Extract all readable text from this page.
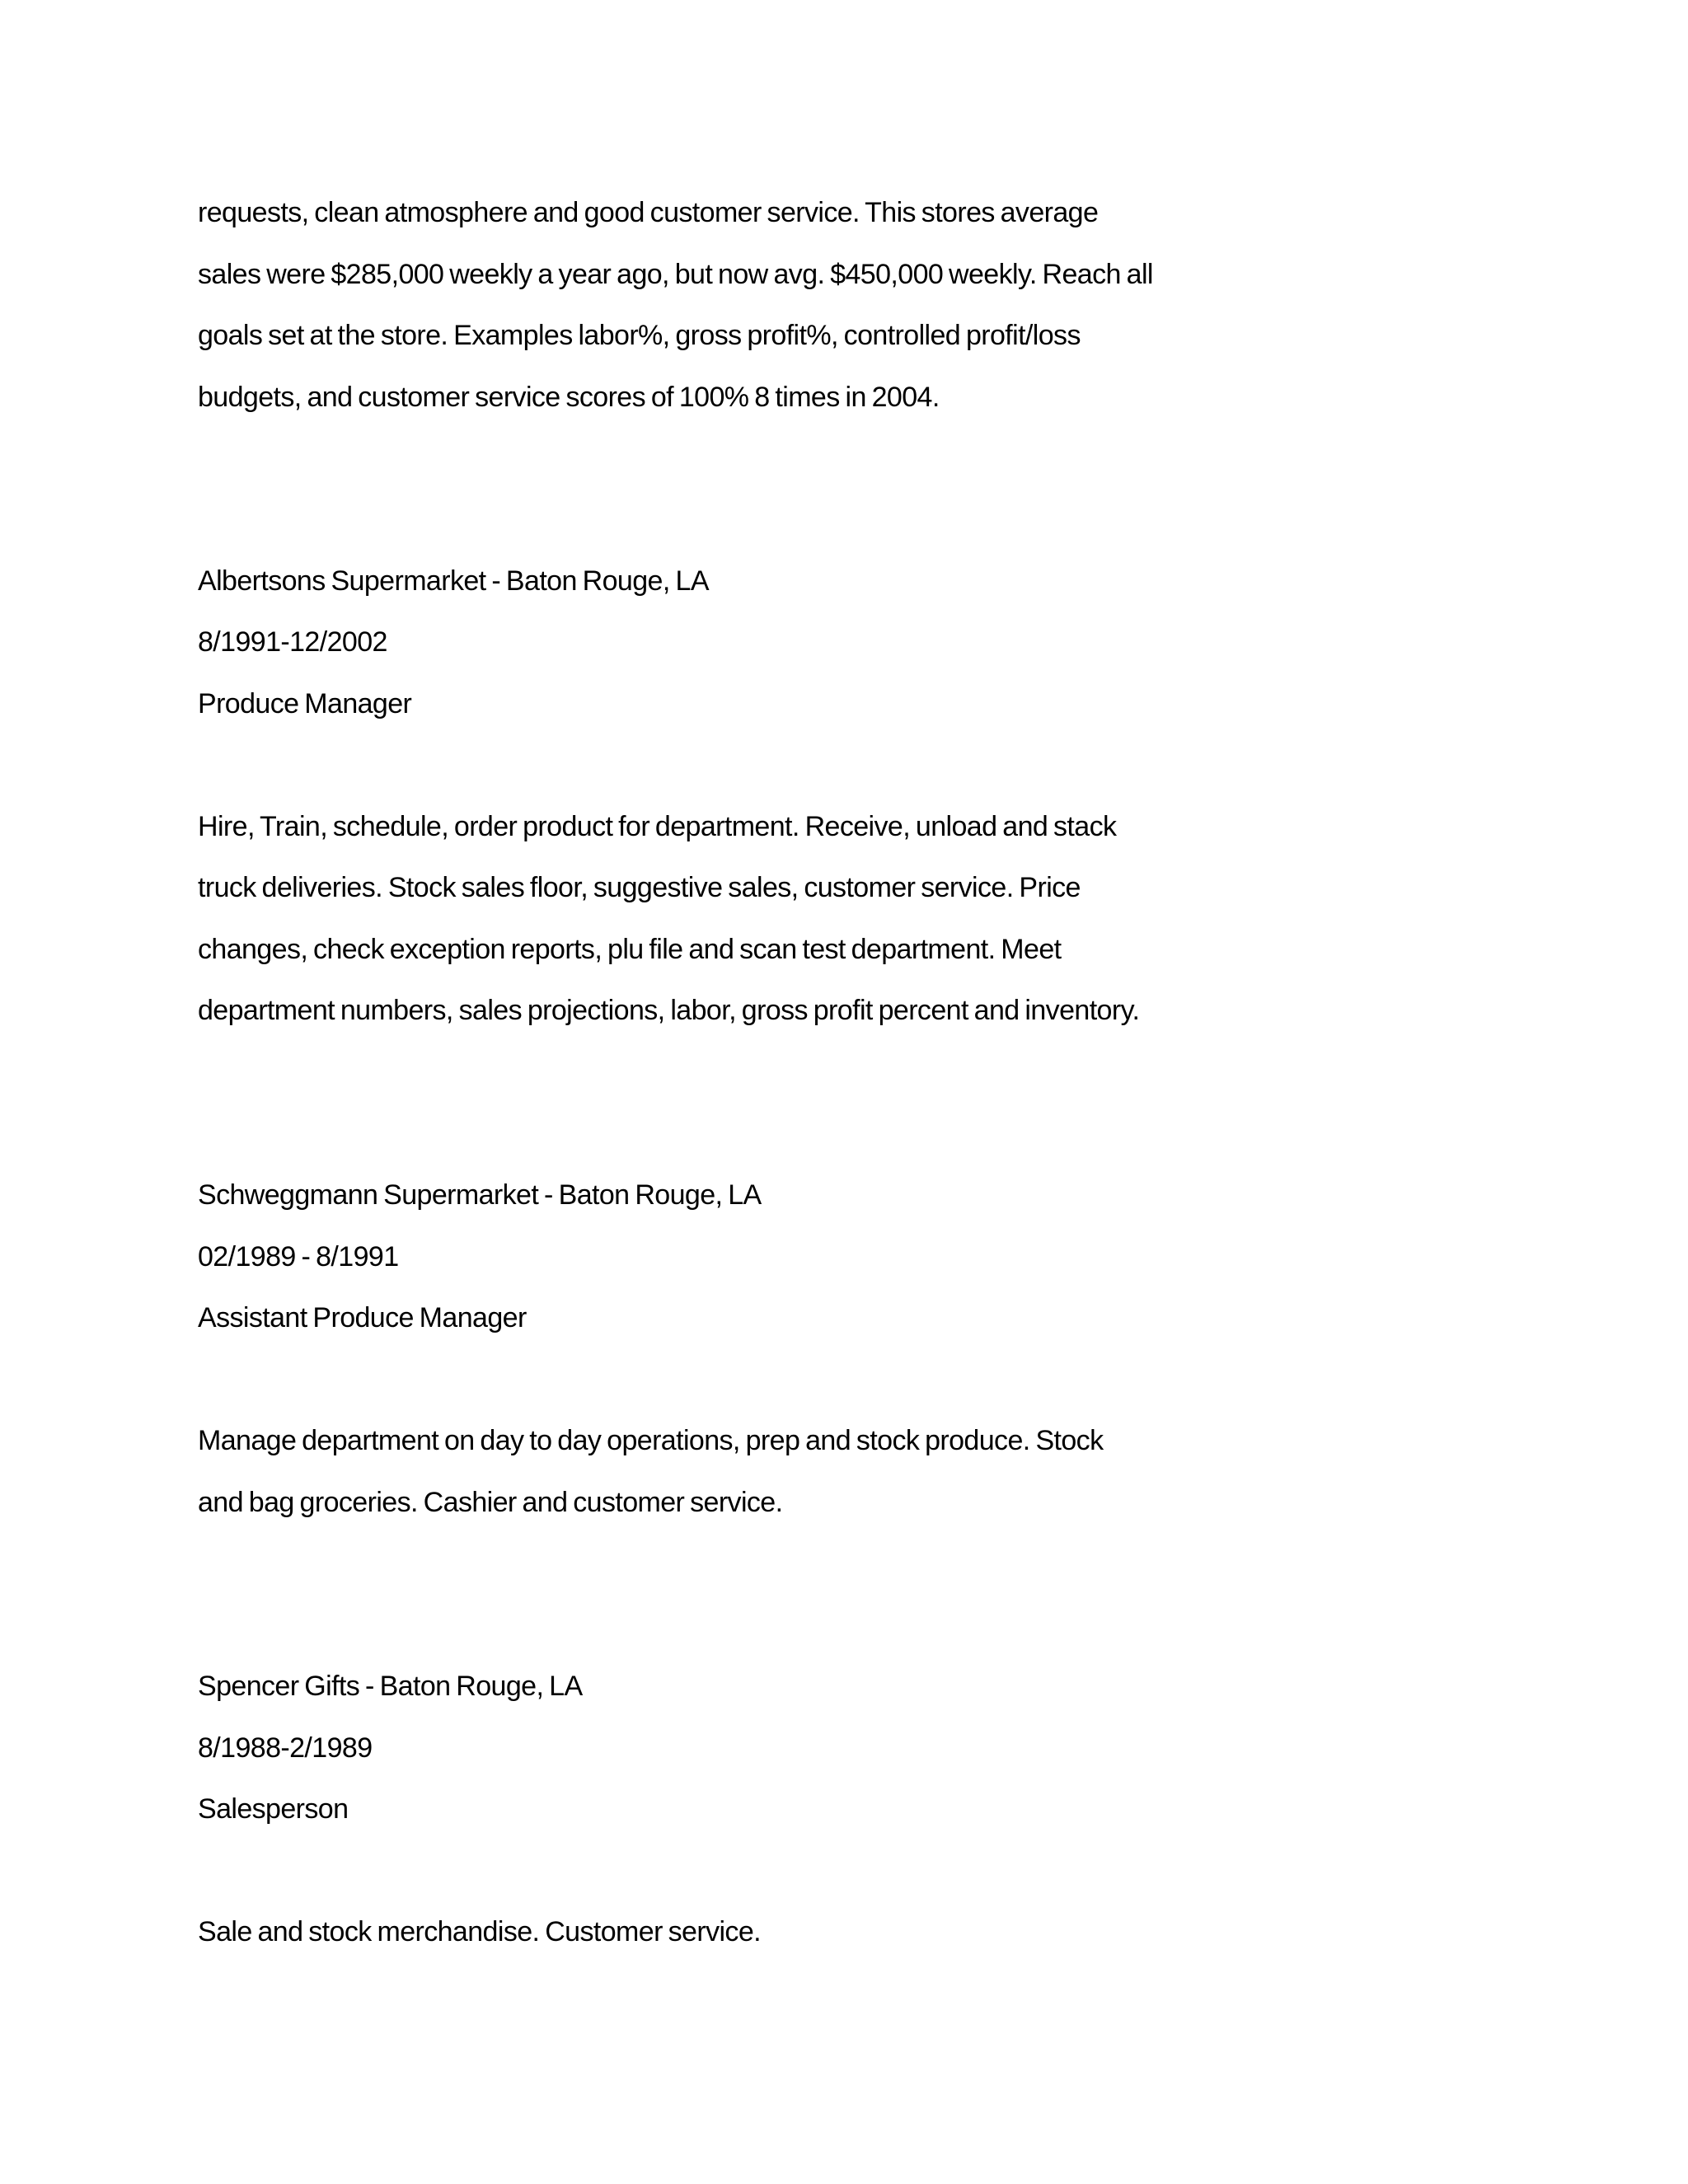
requests, clean atmosphere and good customer service. This stores average

sales were $285,000 weekly a year ago, but now avg. $450,000 weekly. Reach all

goals set at the store. Examples labor%, gross profit%, controlled profit/loss

budgets, and customer service scores of 100% 8 times in 2004.

Albertsons Supermarket - Baton Rouge, LA

8/1991-12/2002

Produce Manager

Hire, Train, schedule, order product for department. Receive, unload and stack

truck deliveries. Stock sales floor, suggestive sales, customer service. Price

changes, check exception reports, plu file and scan test department. Meet

department numbers, sales projections, labor, gross profit percent and inventory.

Schweggmann Supermarket - Baton Rouge, LA

02/1989 - 8/1991

Assistant Produce Manager

Manage department on day to day operations, prep and stock produce. Stock

and bag groceries. Cashier and customer service.

Spencer Gifts - Baton Rouge, LA

8/1988-2/1989

Salesperson

Sale and stock merchandise. Customer service.
